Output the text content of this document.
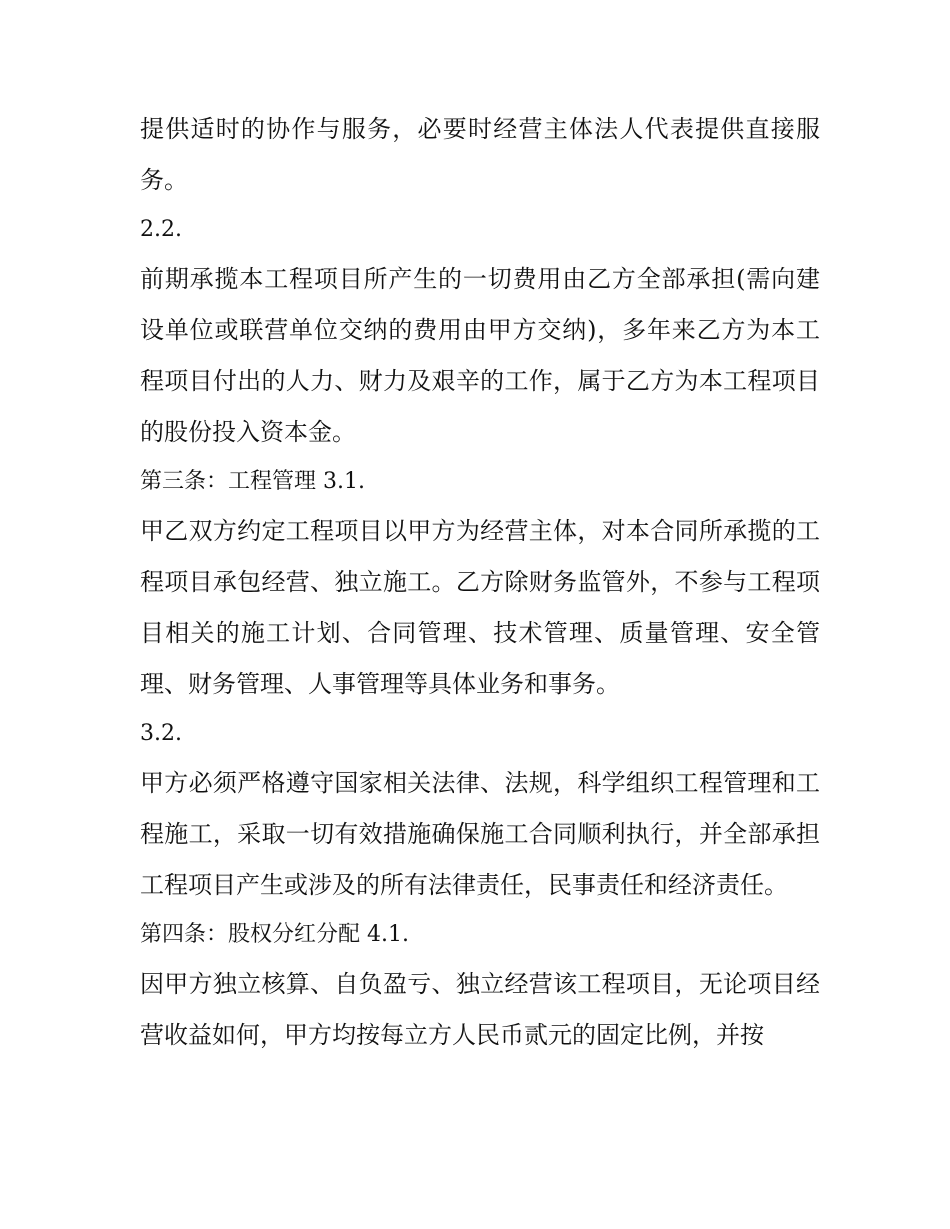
提供适时的协作与服务，必要时经营主体法人代表提供直接服务。

2.2.

前期承揽本工程项目所产生的一切费用由乙方全部承担(需向建设单位或联营单位交纳的费用由甲方交纳)，多年来乙方为本工程项目付出的人力、财力及艰辛的工作，属于乙方为本工程项目的股份投入资本金。

第三条：工程管理 3.1.

甲乙双方约定工程项目以甲方为经营主体，对本合同所承揽的工程项目承包经营、独立施工。乙方除财务监管外，不参与工程项目相关的施工计划、合同管理、技术管理、质量管理、安全管理、财务管理、人事管理等具体业务和事务。

3.2.

甲方必须严格遵守国家相关法律、法规，科学组织工程管理和工程施工，采取一切有效措施确保施工合同顺利执行，并全部承担工程项目产生或涉及的所有法律责任，民事责任和经济责任。

第四条：股权分红分配 4.1.

因甲方独立核算、自负盈亏、独立经营该工程项目，无论项目经营收益如何，甲方均按每立方人民币贰元的固定比例，并按
